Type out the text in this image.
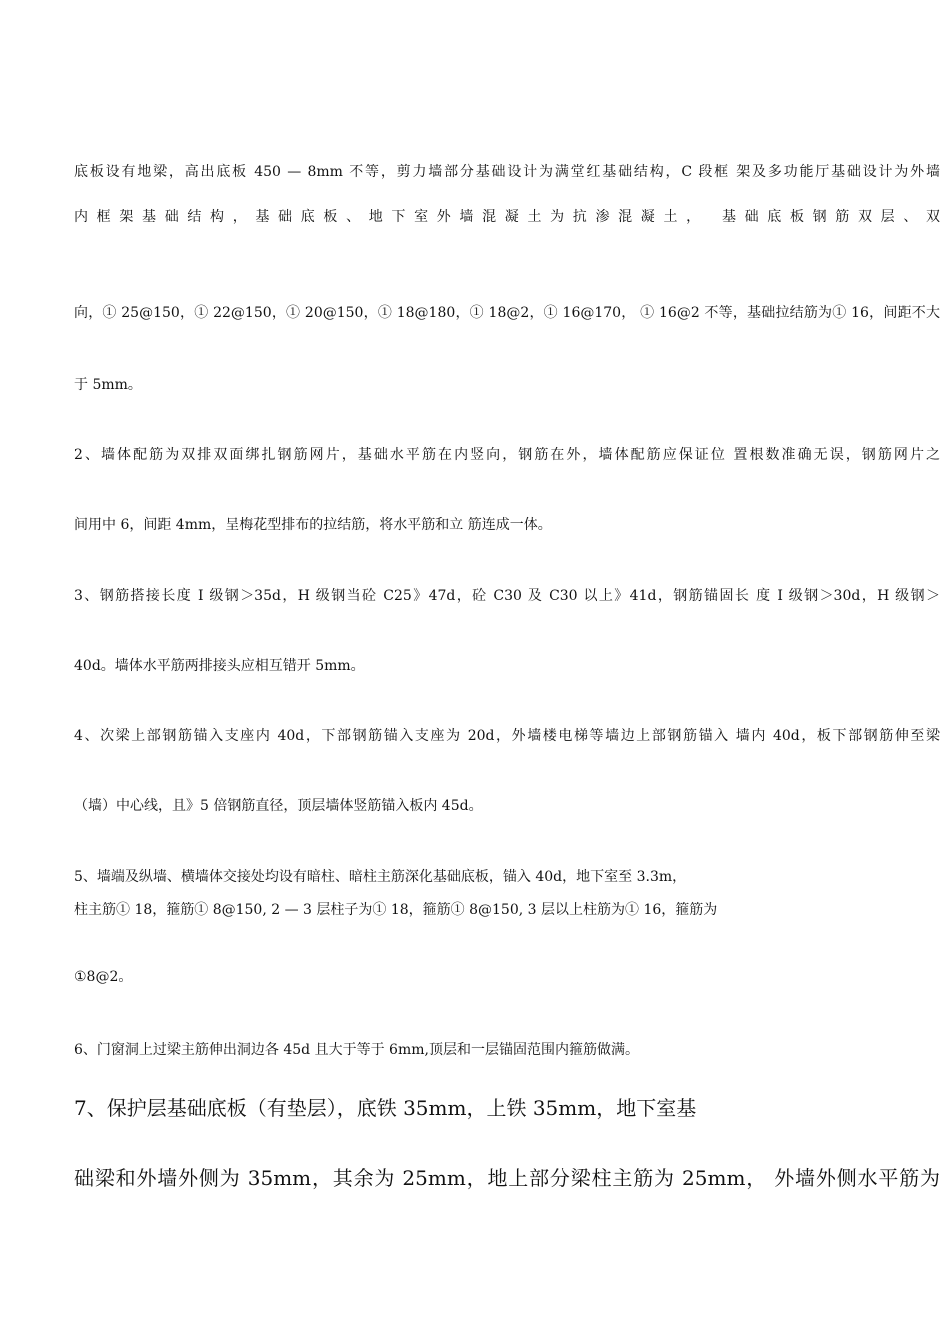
底板设有地梁，高出底板 450 — 8mm 不等，剪力墙部分基础设计为满堂红基础结构，C 段框 架及多功能厅基础设计为外墙
内框架基础结构，基础底板、地下室外墙混凝土为抗渗混凝土， 基础底板钢筋双层、双
向，① 25@150，① 22@150，① 20@150，① 18@180，① 18@2，① 16@170， ① 16@2 不等，基础拉结筋为① 16，间距不大
于 5mm。
2、墙体配筋为双排双面绑扎钢筋网片，基础水平筋在内竖向，钢筋在外，墙体配筋应保证位 置根数准确无误，钢筋网片之
间用中 6，间距 4mm，呈梅花型排布的拉结筋，将水平筋和立 筋连成一体。
3、钢筋搭接长度 I 级钢＞35d，H 级钢当砼 C25》47d，砼 C30 及 C30 以上》41d，钢筋锚固长 度 I 级钢＞30d，H 级钢＞
40d。墙体水平筋两排接头应相互错开 5mm。
4、次梁上部钢筋锚入支座内 40d，下部钢筋锚入支座为 20d，外墙楼电梯等墙边上部钢筋锚入 墙内 40d，板下部钢筋伸至梁
（墙）中心线，且》5 倍钢筋直径，顶层墙体竖筋锚入板内 45d。
5、墙端及纵墙、横墙体交接处均设有暗柱、暗柱主筋深化基础底板，锚入 40d，地下室至 3.3m，
柱主筋① 18，箍筋① 8@150, 2 — 3 层柱子为① 18，箍筋① 8@150, 3 层以上柱筋为① 16，箍筋为
①8@2。
6、门窗洞上过梁主筋伸出洞边各 45d 且大于等于 6mm,顶层和一层锚固范围内箍筋做满。
7、保护层基础底板（有垫层），底铁 35mm，上铁 35mm，地下室基
础梁和外墙外侧为 35mm，其余为 25mm，地上部分梁柱主筋为 25mm， 外墙外侧水平筋为
